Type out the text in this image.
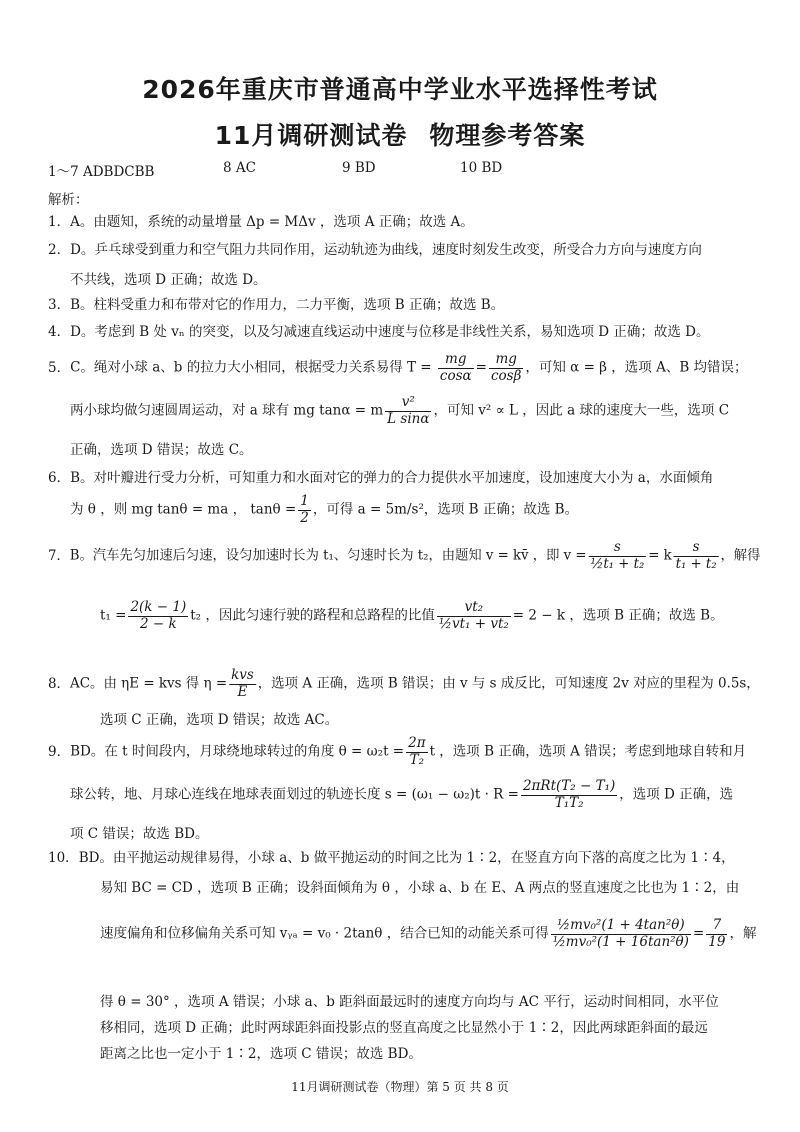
2026年重庆市普通高中学业水平选择性考试
11月调研测试卷 物理参考答案
1～7 ADBDCBB	8 AC	9 BD	10 BD
解析：
1．A。由题知，系统的动量增量 Δp = MΔv ，选项 A 正确；故选 A。
2．D。乒乓球受到重力和空气阻力共同作用，运动轨迹为曲线，速度时刻发生改变，所受合力方向与速度方向
不共线，选项 D 正确；故选 D。
3．B。柱料受重力和布带对它的作用力，二力平衡，选项 B 正确；故选 B。
4．D。考虑到 B 处 vₙ 的突变，以及匀减速直线运动中速度与位移是非线性关系，易知选项 D 正确；故选 D。
5．C。绳对小球 a、b 的拉力大小相同，根据受力关系易得 $T = \frac{mg}{\cos\alpha} = \frac{mg}{\cos\beta}$ ，可知 α = β ，选项 A、B 均错误；
两小球均做匀速圆周运动，对 a 球有 mg tanα = m $\frac{\text{v²}}{\text{L sinα}}$ ，可知 v² ∝ L ，因此 a 球的速度大一些，选项 C
正确，选项 D 错误；故选 C。
6．B。对叶瓣进行受力分析，可知重力和水面对它的弹力的合力提供水平加速度，设加速度大小为 a，水面倾角
为 θ ，则 mg tanθ = ma ， $\tan\theta = \frac{1}{2}$ ，可得 a = 5m/s²，选项 B 正确；故选 B。
7．B。汽车先匀加速后匀速，设匀加速时长为 t₁、匀速时长为 t₂，由题知 v = kv̄ ，即 $v = \frac{s}{\text{½t₁ + t₂}} = k \frac{s}{\text{t₁ + t₂}}$ ，解得
$t_1 = \frac{2(k - 1)}{2 - k} t_2$ ，因此匀速行驶的路程和总路程的比值 $\frac{\text{vt₂}}{\text{½vt₁ + vt₂}} = 2 - k$ ，选项 B 正确；故选 B。
8．AC。由 ηE = kvs 得 $\eta = \frac{\text{kvs}}{E}$ ，选项 A 正确，选项 B 错误；由 v 与 s 成反比，可知速度 2v 对应的里程为 0.5s，
选项 C 正确，选项 D 错误；故选 AC。
9．BD。在 t 时间段内，月球绕地球转过的角度 $\theta = \omega_2t = \frac{2\pi}{\text{T₂}}$ t ，选项 B 正确，选项 A 错误；考虑到地球自转和月
球公转，地、月球心连线在地球表面划过的轨迹长度 $s = (\omega_1 - \omega_2)t \cdot R = \frac{\text{2πRt(T₂ − T₁)}}{\text{T₁T₂}}$ ，选项 D 正确，选
项 C 错误；故选 BD。
10．BD。由平抛运动规律易得，小球 a、b 做平抛运动的时间之比为 1∶2，在竖直方向下落的高度之比为 1∶4，
易知 BC = CD ，选项 B 正确；设斜面倾角为 θ ，小球 a、b 在 E、A 两点的竖直速度之比也为 1∶2，由
速度偏角和位移偏角关系可知 vᵧₐ = v₀ · 2tanθ ，结合已知的动能关系可得 $\frac{\text{½mv₀²(1 + 4tan²θ)}}{\text{½mv₀²(1 + 16tan²θ)}} = \frac{7}{19}$ ，解
得 θ = 30° ，选项 A 错误；小球 a、b 距斜面最远时的速度方向均与 AC 平行，运动时间相同，水平位
移相同，选项 D 正确；此时两球距斜面投影点的竖直高度之比显然小于 1∶2，因此两球距斜面的最远
距离之比也一定小于 1∶2，选项 C 错误；故选 BD。
11月调研测试卷（物理）第 5 页 共 8 页
